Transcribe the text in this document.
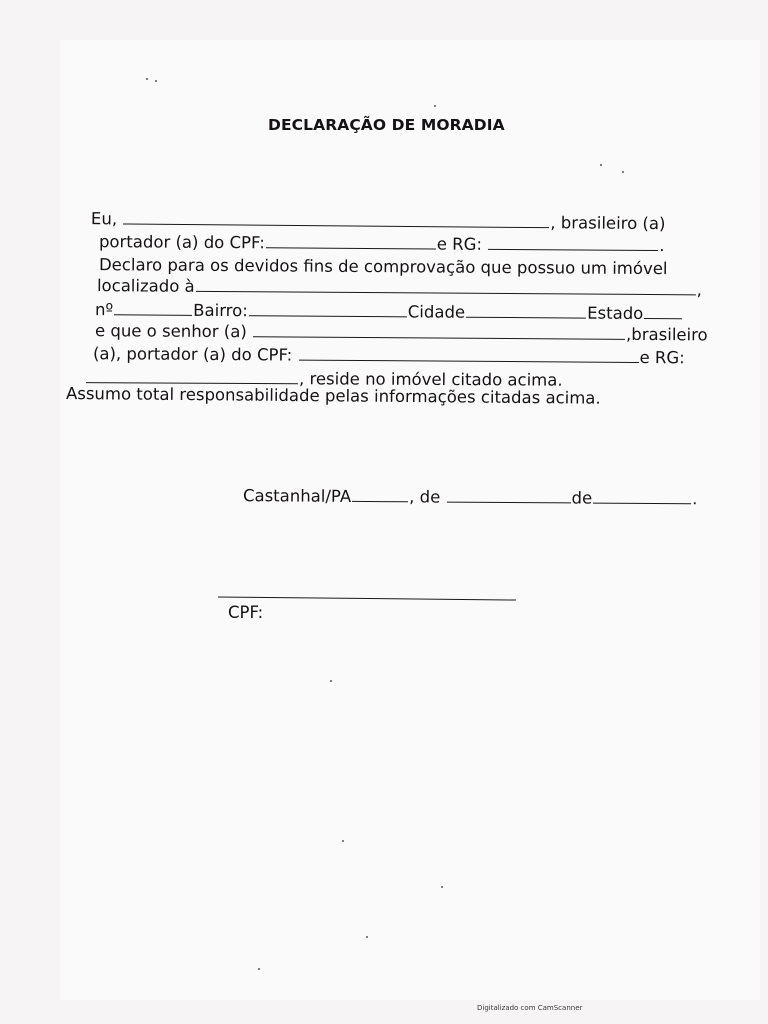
DECLARAÇÃO DE MORADIA

Eu,	, brasileiro (a)

portador (a) do CPF:	e RG:	.

Declaro para os devidos fins de comprovação que possuo um imóvel

localizado à	,

nº	Bairro:	Cidade	Estado

e que o senhor (a)	,brasileiro

(a), portador (a) do CPF:	e RG:

, reside no imóvel citado acima.

Assumo total responsabilidade pelas informações citadas acima.

Castanhal/PA	, de	de	.

CPF:
Digitalizado com CamScanner
